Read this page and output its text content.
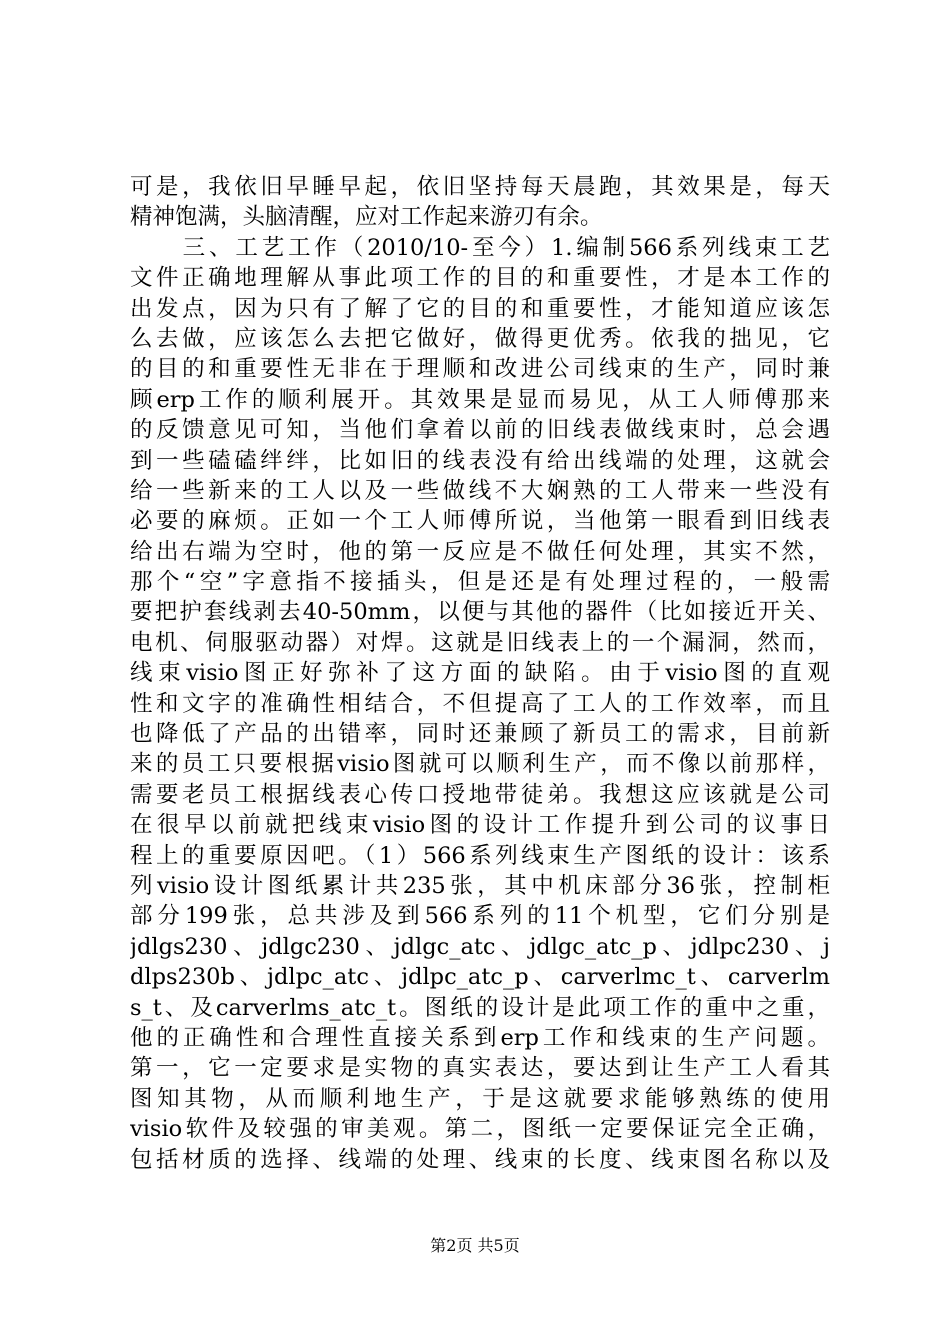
可是，我依旧早睡早起，依旧坚持每天晨跑，其效果是，每天
精神饱满，头脑清醒，应对工作起来游刃有余。
　　三、工艺工作（2010/10-至今）1.编制566系列线束工艺
文件正确地理解从事此项工作的目的和重要性，才是本工作的
出发点，因为只有了解了它的目的和重要性，才能知道应该怎
么去做，应该怎么去把它做好，做得更优秀。依我的拙见，它
的目的和重要性无非在于理顺和改进公司线束的生产，同时兼
顾erp工作的顺利展开。其效果是显而易见，从工人师傅那来
的反馈意见可知，当他们拿着以前的旧线表做线束时，总会遇
到一些磕磕绊绊，比如旧的线表没有给出线端的处理，这就会
给一些新来的工人以及一些做线不大娴熟的工人带来一些没有
必要的麻烦。正如一个工人师傅所说，当他第一眼看到旧线表
给出右端为空时，他的第一反应是不做任何处理，其实不然，
那个“空”字意指不接插头，但是还是有处理过程的，一般需
要把护套线剥去40-50mm，以便与其他的器件（比如接近开关、
电机、伺服驱动器）对焊。这就是旧线表上的一个漏洞，然而，
线束visio图正好弥补了这方面的缺陷。由于visio图的直观
性和文字的准确性相结合，不但提高了工人的工作效率，而且
也降低了产品的出错率，同时还兼顾了新员工的需求，目前新
来的员工只要根据visio图就可以顺利生产，而不像以前那样，
需要老员工根据线表心传口授地带徒弟。我想这应该就是公司
在很早以前就把线束visio图的设计工作提升到公司的议事日
程上的重要原因吧。（1）566系列线束生产图纸的设计：该系
列visio设计图纸累计共235张，其中机床部分36张，控制柜
部分199张，总共涉及到566系列的11个机型，它们分别是
jdlgs230、jdlgc230、jdlgc_atc、jdlgc_atc_p、jdlpc230、j
dlps230b、jdlpc_atc、jdlpc_atc_p、carverlmc_t、carverlm
s_t、及carverlms_atc_t。图纸的设计是此项工作的重中之重，
他的正确性和合理性直接关系到erp工作和线束的生产问题。
第一，它一定要求是实物的真实表达，要达到让生产工人看其
图知其物，从而顺利地生产，于是这就要求能够熟练的使用
visio软件及较强的审美观。第二，图纸一定要保证完全正确，
包括材质的选择、线端的处理、线束的长度、线束图名称以及
第2页 共5页
